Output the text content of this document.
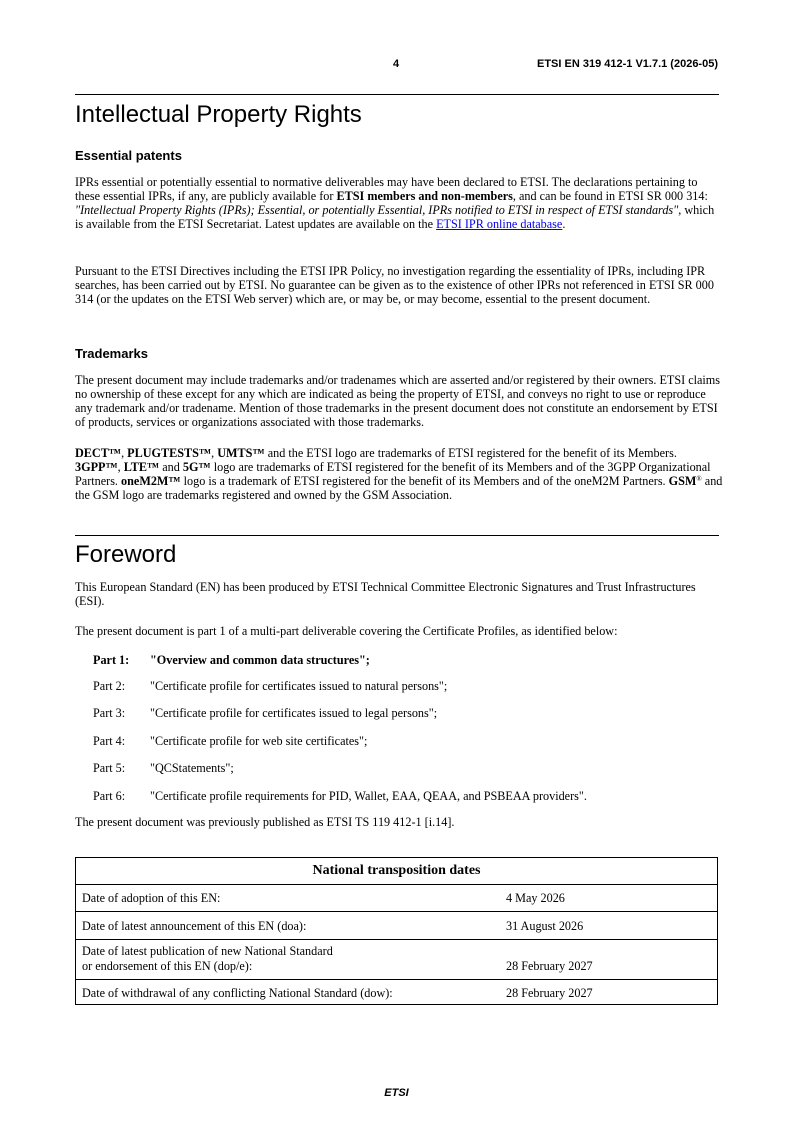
4	ETSI EN 319 412-1 V1.7.1 (2026-05)
Intellectual Property Rights
Essential patents

IPRs essential or potentially essential to normative deliverables may have been declared to ETSI. The declarations pertaining to these essential IPRs, if any, are publicly available for ETSI members and non-members, and can be found in ETSI SR 000 314: "Intellectual Property Rights (IPRs); Essential, or potentially Essential, IPRs notified to ETSI in respect of ETSI standards", which is available from the ETSI Secretariat. Latest updates are available on the ETSI IPR online database.

Pursuant to the ETSI Directives including the ETSI IPR Policy, no investigation regarding the essentiality of IPRs, including IPR searches, has been carried out by ETSI. No guarantee can be given as to the existence of other IPRs not referenced in ETSI SR 000 314 (or the updates on the ETSI Web server) which are, or may be, or may become, essential to the present document.

Trademarks

The present document may include trademarks and/or tradenames which are asserted and/or registered by their owners. ETSI claims no ownership of these except for any which are indicated as being the property of ETSI, and conveys no right to use or reproduce any trademark and/or tradename. Mention of those trademarks in the present document does not constitute an endorsement by ETSI of products, services or organizations associated with those trademarks.

DECT™, PLUGTESTS™, UMTS™ and the ETSI logo are trademarks of ETSI registered for the benefit of its Members. 3GPP™, LTE™ and 5G™ logo are trademarks of ETSI registered for the benefit of its Members and of the 3GPP Organizational Partners. oneM2M™ logo is a trademark of ETSI registered for the benefit of its Members and of the oneM2M Partners. GSM® and the GSM logo are trademarks registered and owned by the GSM Association.

Foreword

This European Standard (EN) has been produced by ETSI Technical Committee Electronic Signatures and Trust Infrastructures (ESI).

The present document is part 1 of a multi-part deliverable covering the Certificate Profiles, as identified below:

Part 1: "Overview and common data structures";
Part 2: "Certificate profile for certificates issued to natural persons";
Part 3: "Certificate profile for certificates issued to legal persons";
Part 4: "Certificate profile for web site certificates";
Part 5: "QCStatements";
Part 6: "Certificate profile requirements for PID, Wallet, EAA, QEAA, and PSBEAA providers".

The present document was previously published as ETSI TS 119 412-1 [i.14].

National transposition dates
Date of adoption of this EN:	4 May 2026
Date of latest announcement of this EN (doa):	31 August 2026
Date of latest publication of new National Standard
or endorsement of this EN (dop/e):	28 February 2027
Date of withdrawal of any conflicting National Standard (dow):	28 February 2027
ETSI
